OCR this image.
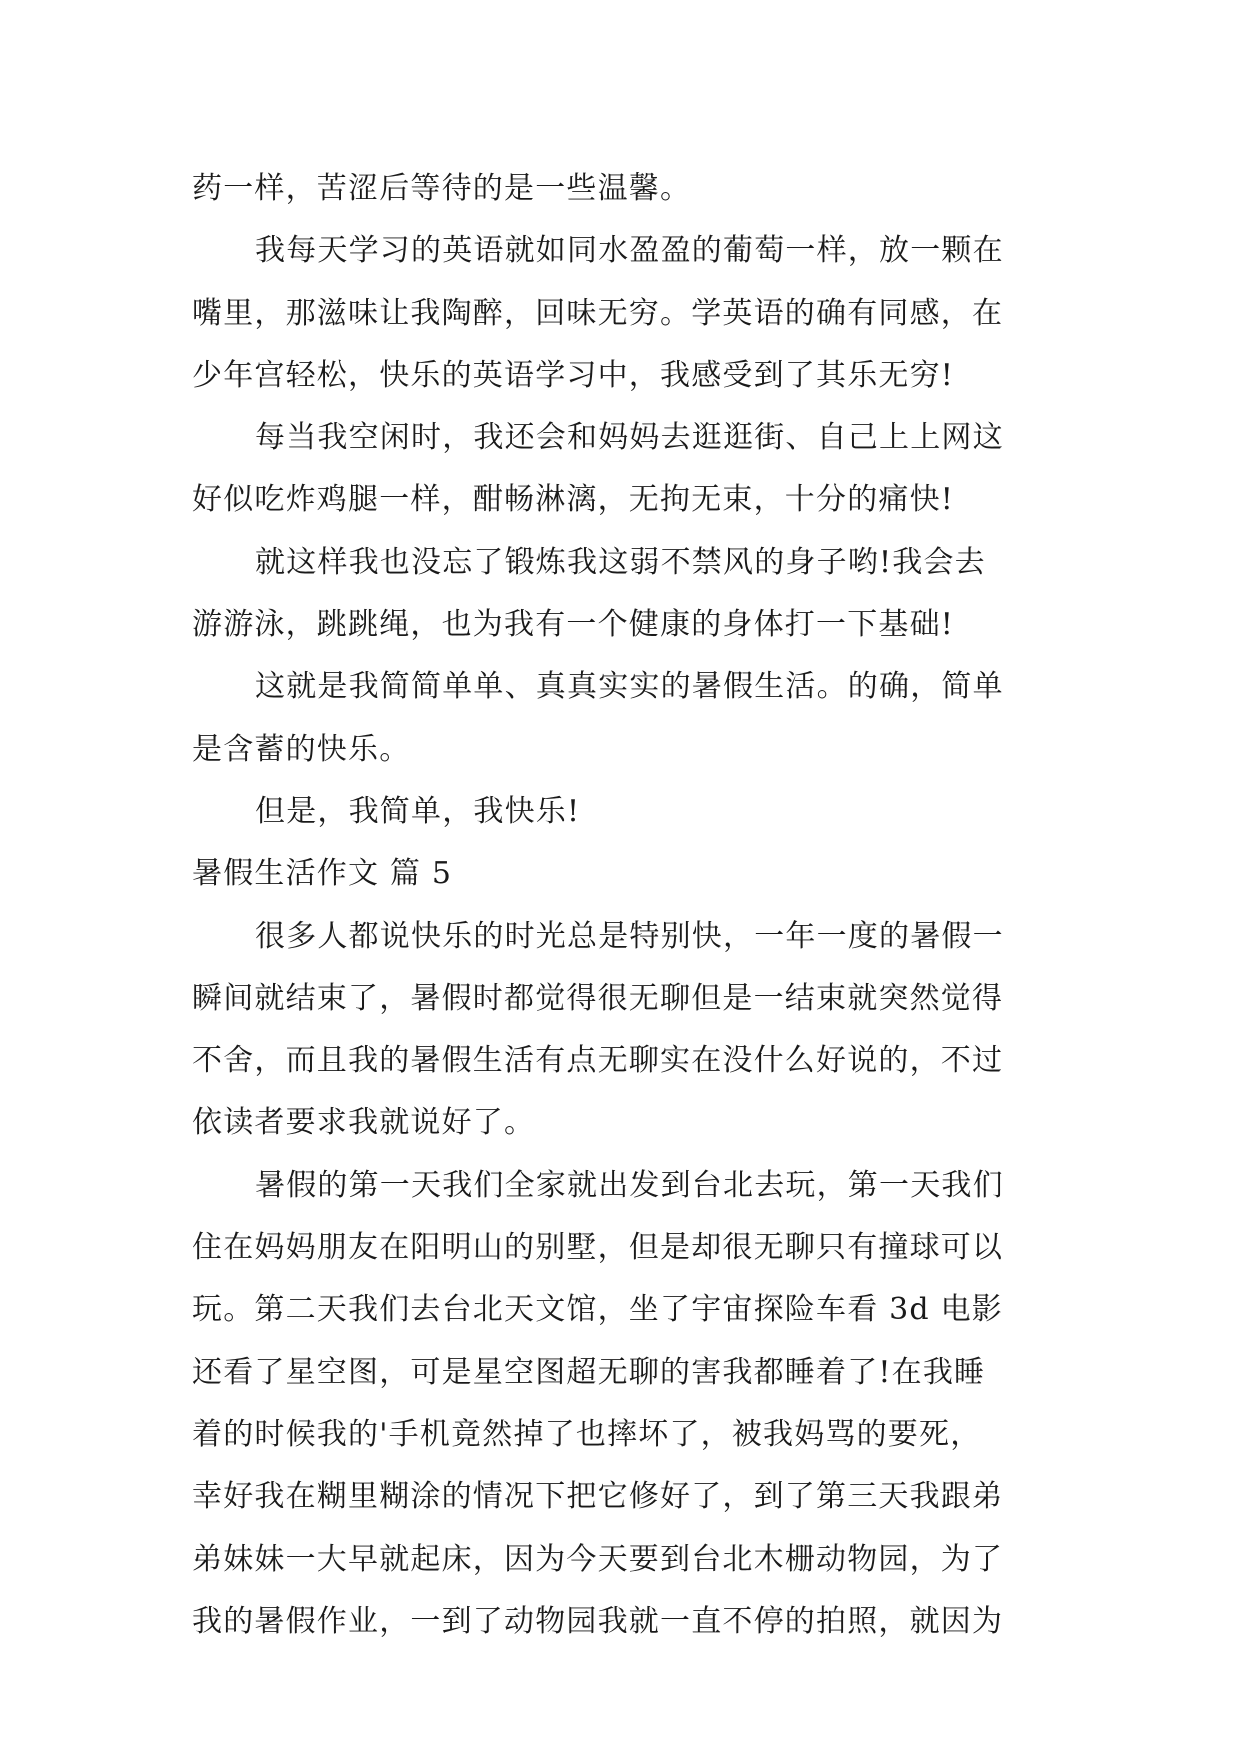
药一样，苦涩后等待的是一些温馨。
我每天学习的英语就如同水盈盈的葡萄一样，放一颗在
嘴里，那滋味让我陶醉，回味无穷。学英语的确有同感，在
少年宫轻松，快乐的英语学习中，我感受到了其乐无穷!
每当我空闲时，我还会和妈妈去逛逛街、自己上上网这
好似吃炸鸡腿一样，酣畅淋漓，无拘无束，十分的痛快!
就这样我也没忘了锻炼我这弱不禁风的身子哟!我会去
游游泳，跳跳绳，也为我有一个健康的身体打一下基础!
这就是我简简单单、真真实实的暑假生活。的确，简单
是含蓄的快乐。
但是，我简单，我快乐!
暑假生活作文 篇 5
很多人都说快乐的时光总是特别快，一年一度的暑假一
瞬间就结束了，暑假时都觉得很无聊但是一结束就突然觉得
不舍，而且我的暑假生活有点无聊实在没什么好说的，不过
依读者要求我就说好了。
暑假的第一天我们全家就出发到台北去玩，第一天我们
住在妈妈朋友在阳明山的别墅，但是却很无聊只有撞球可以
玩。第二天我们去台北天文馆，坐了宇宙探险车看 3d 电影
还看了星空图，可是星空图超无聊的害我都睡着了!在我睡
着的时候我的'手机竟然掉了也摔坏了，被我妈骂的要死，
幸好我在糊里糊涂的情况下把它修好了，到了第三天我跟弟
弟妹妹一大早就起床，因为今天要到台北木栅动物园，为了
我的暑假作业，一到了动物园我就一直不停的拍照，就因为
